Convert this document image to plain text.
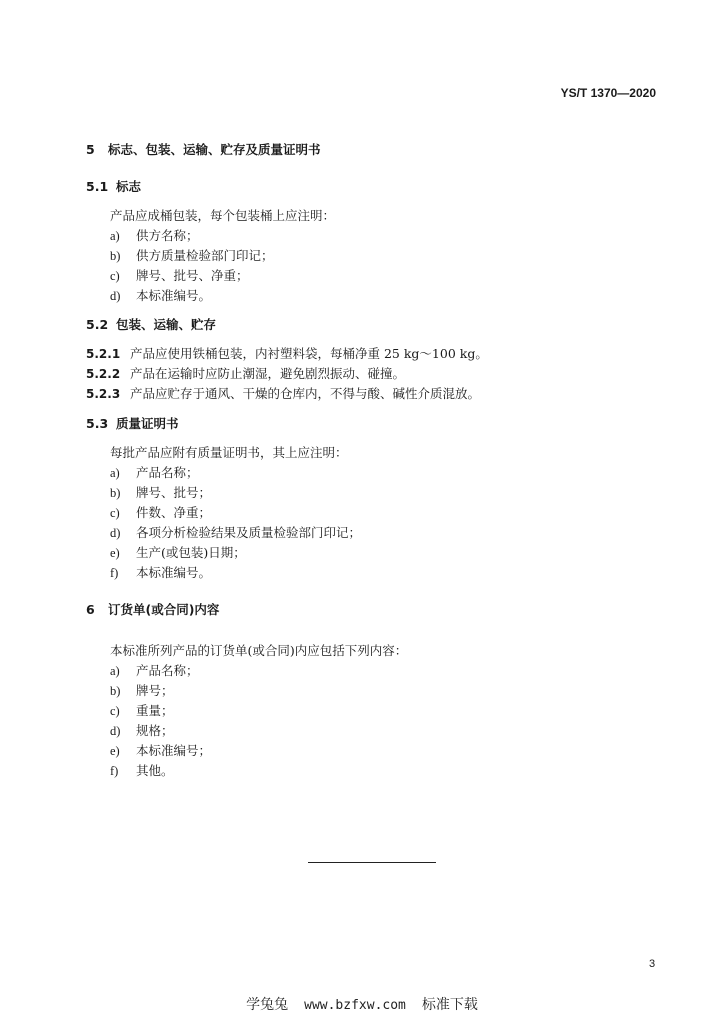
YS/T 1370—2020
5 标志、包装、运输、贮存及质量证明书
5.1 标志
产品应成桶包装，每个包装桶上应注明：
a) 供方名称；
b) 供方质量检验部门印记；
c) 牌号、批号、净重；
d) 本标准编号。
5.2 包装、运输、贮存
5.2.1 产品应使用铁桶包装，内衬塑料袋，每桶净重 25 kg～100 kg。
5.2.2 产品在运输时应防止潮湿，避免剧烈振动、碰撞。
5.2.3 产品应贮存于通风、干燥的仓库内，不得与酸、碱性介质混放。
5.3 质量证明书
每批产品应附有质量证明书，其上应注明：
a) 产品名称；
b) 牌号、批号；
c) 件数、净重；
d) 各项分析检验结果及质量检验部门印记；
e) 生产(或包装)日期；
f) 本标准编号。
6 订货单(或合同)内容
本标准所列产品的订货单(或合同)内应包括下列内容：
a) 产品名称；
b) 牌号；
c) 重量；
d) 规格；
e) 本标准编号；
f) 其他。
3
学兔兔 www.bzfxw.com 标准下载
